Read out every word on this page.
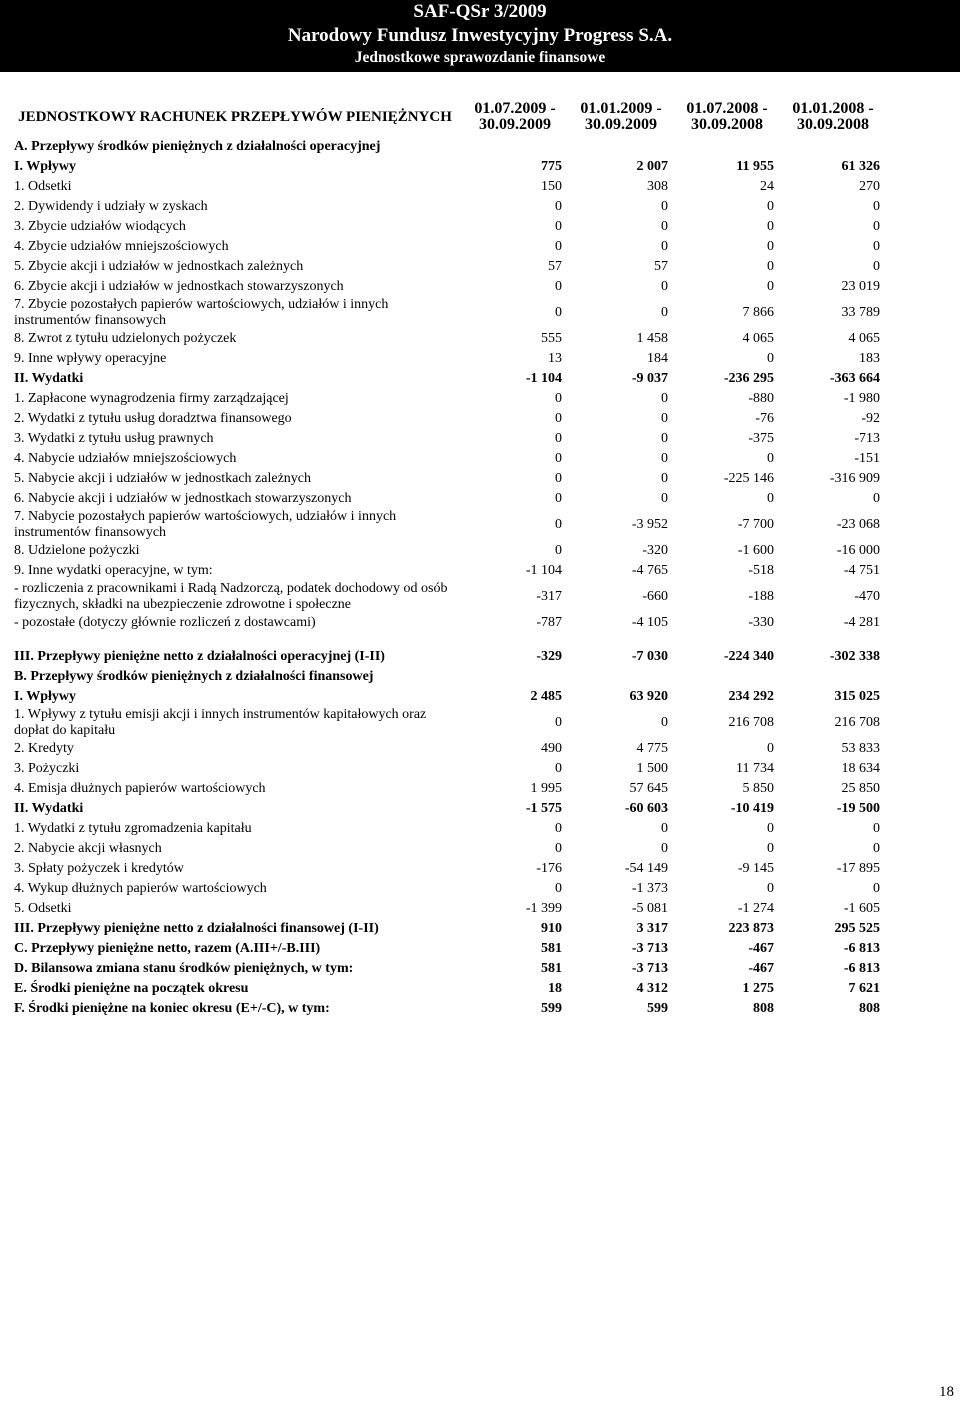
SAF-QSr 3/2009
Narodowy Fundusz Inwestycyjny Progress S.A.
Jednostkowe sprawozdanie finansowe
JEDNOSTKOWY RACHUNEK PRZEPŁYWÓW PIENIĘŻNYCH	01.07.2009 - 30.09.2009	01.01.2009 - 30.09.2009	01.07.2008 - 30.09.2008	01.01.2008 - 30.09.2008
A. Przepływy środków pieniężnych z działalności operacyjnej				
I. Wpływy	775	2 007	11 955	61 326
1. Odsetki	150	308	24	270
2. Dywidendy i udziały w zyskach	0	0	0	0
3. Zbycie udziałów wiodących	0	0	0	0
4. Zbycie udziałów mniejszościowych	0	0	0	0
5. Zbycie akcji i udziałów w jednostkach zależnych	57	57	0	0
6. Zbycie akcji i udziałów w jednostkach stowarzyszonych	0	0	0	23 019
7. Zbycie pozostałych papierów wartościowych, udziałów i innych instrumentów finansowych	0	0	7 866	33 789
8. Zwrot z tytułu udzielonych pożyczek	555	1 458	4 065	4 065
9. Inne wpływy operacyjne	13	184	0	183
II. Wydatki	-1 104	-9 037	-236 295	-363 664
1. Zapłacone wynagrodzenia firmy zarządzającej	0	0	-880	-1 980
2. Wydatki z tytułu usług doradztwa finansowego	0	0	-76	-92
3. Wydatki z tytułu usług prawnych	0	0	-375	-713
4. Nabycie udziałów mniejszościowych	0	0	0	-151
5. Nabycie akcji i udziałów w jednostkach zależnych	0	0	-225 146	-316 909
6. Nabycie akcji i udziałów w jednostkach stowarzyszonych	0	0	0	0
7. Nabycie pozostałych papierów wartościowych, udziałów i innych instrumentów finansowych	0	-3 952	-7 700	-23 068
8. Udzielone pożyczki	0	-320	-1 600	-16 000
9. Inne wydatki operacyjne, w tym:	-1 104	-4 765	-518	-4 751
- rozliczenia z pracownikami i Radą Nadzorczą, podatek dochodowy od osób fizycznych, składki na ubezpieczenie zdrowotne i społeczne	-317	-660	-188	-470
- pozostałe (dotyczy głównie rozliczeń z dostawcami)	-787	-4 105	-330	-4 281

III. Przepływy pieniężne netto z działalności operacyjnej (I-II)	-329	-7 030	-224 340	-302 338
B. Przepływy środków pieniężnych z działalności finansowej				
I. Wpływy	2 485	63 920	234 292	315 025
1. Wpływy z tytułu emisji akcji i innych instrumentów kapitałowych oraz dopłat do kapitału	0	0	216 708	216 708
2. Kredyty	490	4 775	0	53 833
3. Pożyczki	0	1 500	11 734	18 634
4. Emisja dłużnych papierów wartościowych	1 995	57 645	5 850	25 850
II. Wydatki	-1 575	-60 603	-10 419	-19 500
1. Wydatki z tytułu zgromadzenia kapitału	0	0	0	0
2. Nabycie akcji własnych	0	0	0	0
3. Spłaty pożyczek i kredytów	-176	-54 149	-9 145	-17 895
4. Wykup dłużnych papierów wartościowych	0	-1 373	0	0
5. Odsetki	-1 399	-5 081	-1 274	-1 605
III. Przepływy pieniężne netto z działalności finansowej (I-II)	910	3 317	223 873	295 525
C. Przepływy pieniężne netto, razem (A.III+/-B.III)	581	-3 713	-467	-6 813
D. Bilansowa zmiana stanu środków pieniężnych, w tym:	581	-3 713	-467	-6 813
E. Środki pieniężne na początek okresu	18	4 312	1 275	7 621
F. Środki pieniężne na koniec okresu (E+/-C), w tym:	599	599	808	808
18
